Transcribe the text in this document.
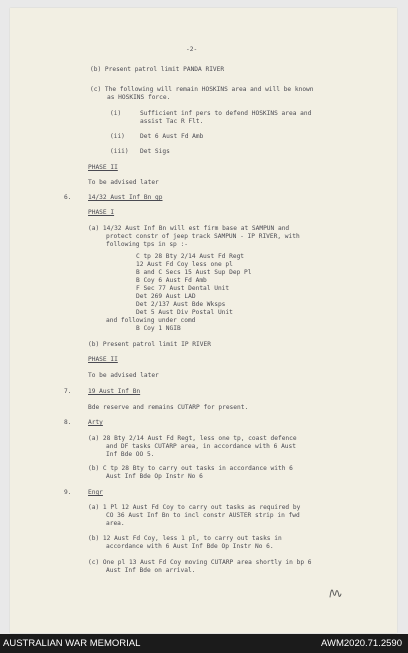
-2-

(b) Present patrol limit PANDA RIVER

(c) The following will remain HOSKINS area and will be known

as HOSKINS force.

(i)	Sufficient inf pers to defend HOSKINS area and

assist Tac R Flt.

(ii) Det 6 Aust Fd Amb

(iii) Det Sigs

PHASE II

To be advised later

6.	14/32 Aust Inf Bn gp

PHASE I

(a) 14/32 Aust Inf Bn will est firm base at SAMPUN and

protect constr of jeep track SAMPUN - IP RIVER, with

following tps in sp :-

C tp 28 Bty 2/14 Aust Fd Regt

12 Aust Fd Coy less one pl

B and C Secs 15 Aust Sup Dep Pl

B Coy 6 Aust Fd Amb

F Sec 77 Aust Dental Unit

Det 269 Aust LAD

Det 2/137 Aust Bde Wksps

Det 5 Aust Div Postal Unit

and following under comd

B Coy 1 NGIB

(b) Present patrol limit IP RIVER

PHASE II

To be advised later

7.	19 Aust Inf Bn

Bde reserve and remains CUTARP for present.

8.	Arty

(a) 28 Bty 2/14 Aust Fd Regt, less one tp, coast defence

and DF tasks CUTARP area, in accordance with 6 Aust

Inf Bde OO 5.

(b) C tp 28 Bty to carry out tasks in accordance with 6

Aust Inf Bde Op Instr No 6

9.	Engr

(a) 1 Pl 12 Aust Fd Coy to carry out tasks as required by

CO 36 Aust Inf Bn to incl constr AUSTER strip in fwd

area.

(b) 12 Aust Fd Coy, less 1 pl, to carry out tasks in

accordance with 6 Aust Inf Bde Op Instr No 6.

(c) One pl 13 Aust Fd Coy moving CUTARP area shortly in bp 6

Aust Inf Bde on arrival.

AUSTRALIAN WAR MEMORIAL	AWM2020.71.2590
